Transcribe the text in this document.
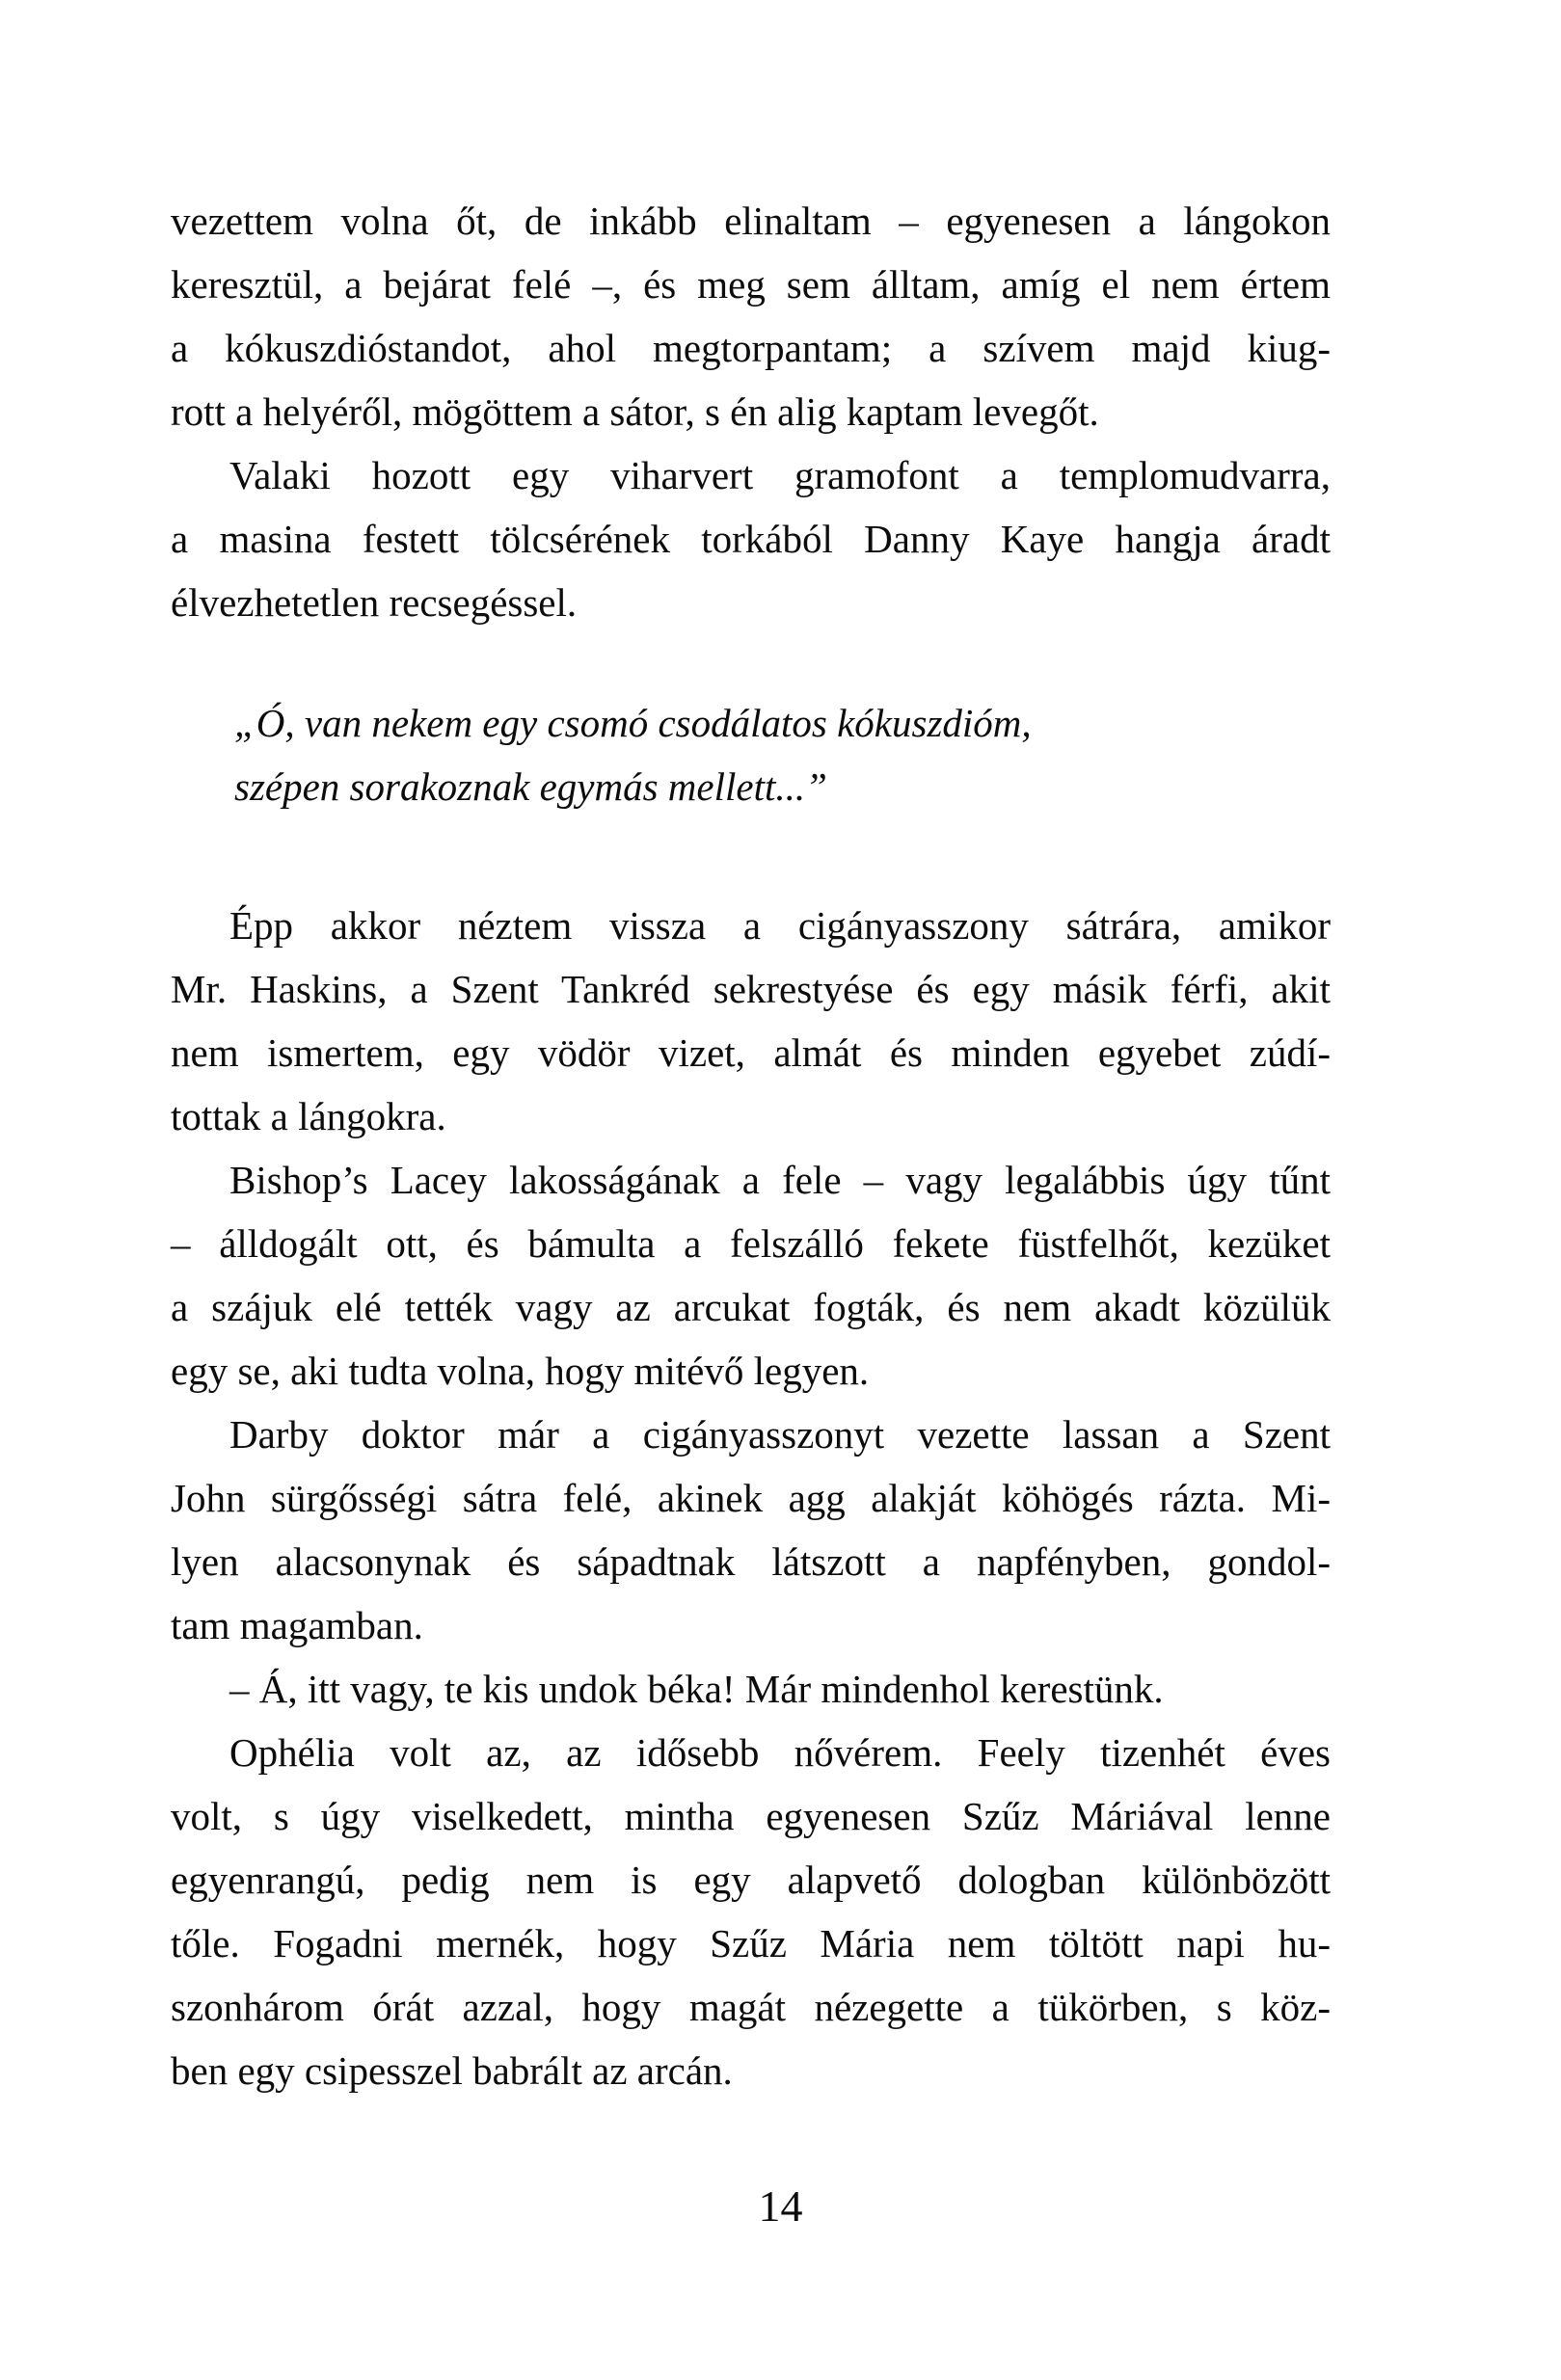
vezettem volna őt, de inkább elinaltam – egyenesen a lángokon
keresztül, a bejárat felé –, és meg sem álltam, amíg el nem értem
a kókuszdióstandot, ahol megtorpantam; a szívem majd kiug-
rott a helyéről, mögöttem a sátor, s én alig kaptam levegőt.

Valaki hozott egy viharvert gramofont a templomudvarra,
a masina festett tölcsérének torkából Danny Kaye hangja áradt
élvezhetetlen recsegéssel.

„Ó, van nekem egy csomó csodálatos kókuszdióm,
szépen sorakoznak egymás mellett...”

Épp akkor néztem vissza a cigányasszony sátrára, amikor
Mr. Haskins, a Szent Tankréd sekrestyése és egy másik férfi, akit
nem ismertem, egy vödör vizet, almát és minden egyebet zúdí-
tottak a lángokra.

Bishop’s Lacey lakosságának a fele – vagy legalábbis úgy tűnt
– álldogált ott, és bámulta a felszálló fekete füstfelhőt, kezüket
a szájuk elé tették vagy az arcukat fogták, és nem akadt közülük
egy se, aki tudta volna, hogy mitévő legyen.

Darby doktor már a cigányasszonyt vezette lassan a Szent
John sürgősségi sátra felé, akinek agg alakját köhögés rázta. Mi-
lyen alacsonynak és sápadtnak látszott a napfényben, gondol-
tam magamban.

– Á, itt vagy, te kis undok béka! Már mindenhol kerestünk.

Ophélia volt az, az idősebb nővérem. Feely tizenhét éves
volt, s úgy viselkedett, mintha egyenesen Szűz Máriával lenne
egyenrangú, pedig nem is egy alapvető dologban különbözött
tőle. Fogadni mernék, hogy Szűz Mária nem töltött napi hu-
szonhárom órát azzal, hogy magát nézegette a tükörben, s köz-
ben egy csipesszel babrált az arcán.

14
